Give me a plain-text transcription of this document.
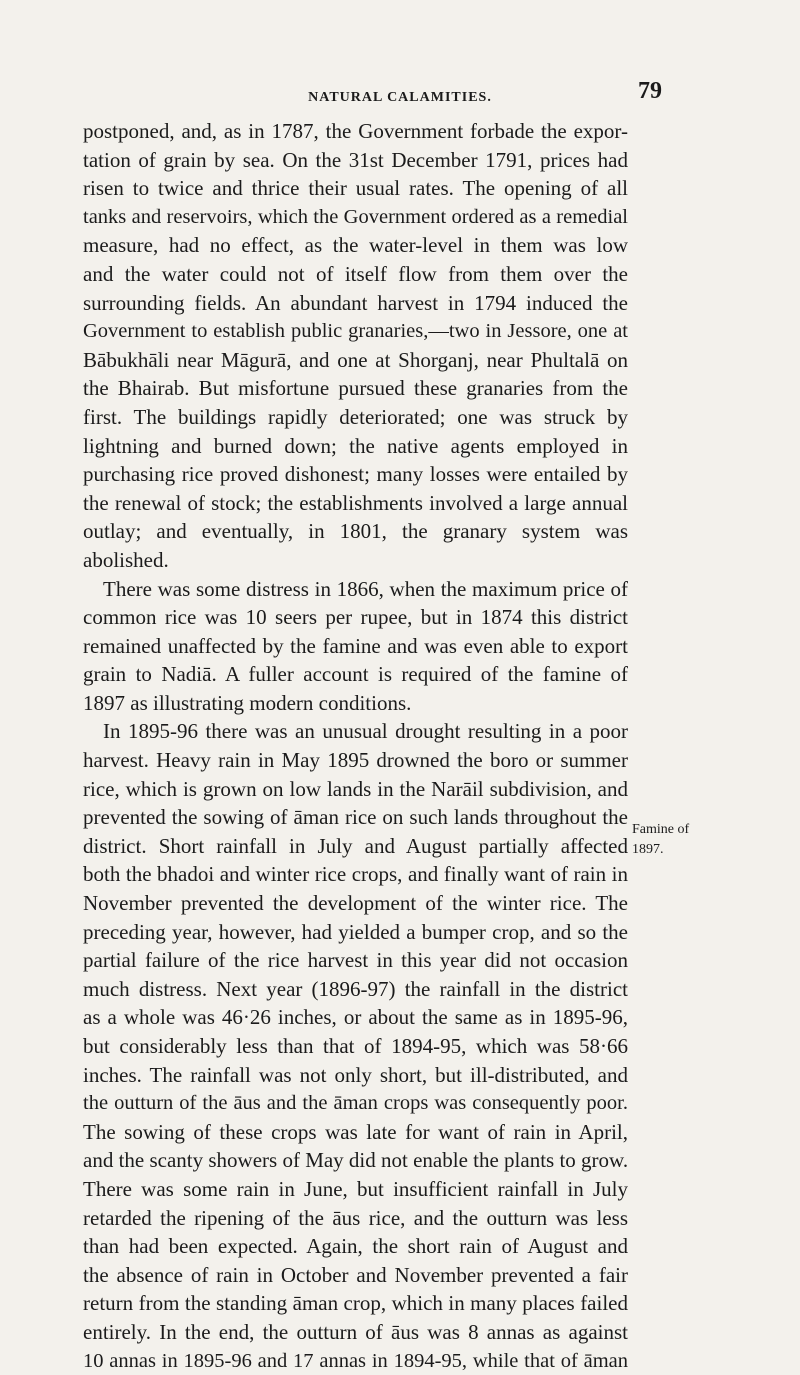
NATURAL CALAMITIES.	79
postponed, and, as in 1787, the Government forbade the expor-
tation of grain by sea. On the 31st December 1791, prices had
risen to twice and thrice their usual rates. The opening of all
tanks and reservoirs, which the Government ordered as a remedial
measure, had no effect, as the water-level in them was low
and the water could not of itself flow from them over the
surrounding fields. An abundant harvest in 1794 induced the
Government to establish public granaries,—two in Jessore, one at
Bābukhāli near Māgurā, and one at Shorganj, near Phultalā on
the Bhairab. But misfortune pursued these granaries from the
first. The buildings rapidly deteriorated; one was struck by
lightning and burned down; the native agents employed in
purchasing rice proved dishonest; many losses were entailed by
the renewal of stock; the establishments involved a large annual
outlay; and eventually, in 1801, the granary system was
abolished.
There was some distress in 1866, when the maximum price of
common rice was 10 seers per rupee, but in 1874 this district
remained unaffected by the famine and was even able to export
grain to Nadiā. A fuller account is required of the famine of
1897 as illustrating modern conditions.
In 1895-96 there was an unusual drought resulting in a poor
harvest. Heavy rain in May 1895 drowned the boro or summer
rice, which is grown on low lands in the Narāil subdivision, and
prevented the sowing of āman rice on such lands throughout the
district. Short rainfall in July and August partially affected
both the bhadoi and winter rice crops, and finally want of rain in
November prevented the development of the winter rice. The
preceding year, however, had yielded a bumper crop, and so the
partial failure of the rice harvest in this year did not occasion
much distress. Next year (1896-97) the rainfall in the district
as a whole was 46·26 inches, or about the same as in 1895-96,
but considerably less than that of 1894-95, which was 58·66
inches. The rainfall was not only short, but ill-distributed, and
the outturn of the āus and the āman crops was consequently poor.
The sowing of these crops was late for want of rain in April,
and the scanty showers of May did not enable the plants to grow.
There was some rain in June, but insufficient rainfall in July
retarded the ripening of the āus rice, and the outturn was less
than had been expected. Again, the short rain of August and
the absence of rain in October and November prevented a fair
return from the standing āman crop, which in many places failed
entirely. In the end, the outturn of āus was 8 annas as against
10 annas in 1895-96 and 17 annas in 1894-95, while that of āman
Famine of
1897.
